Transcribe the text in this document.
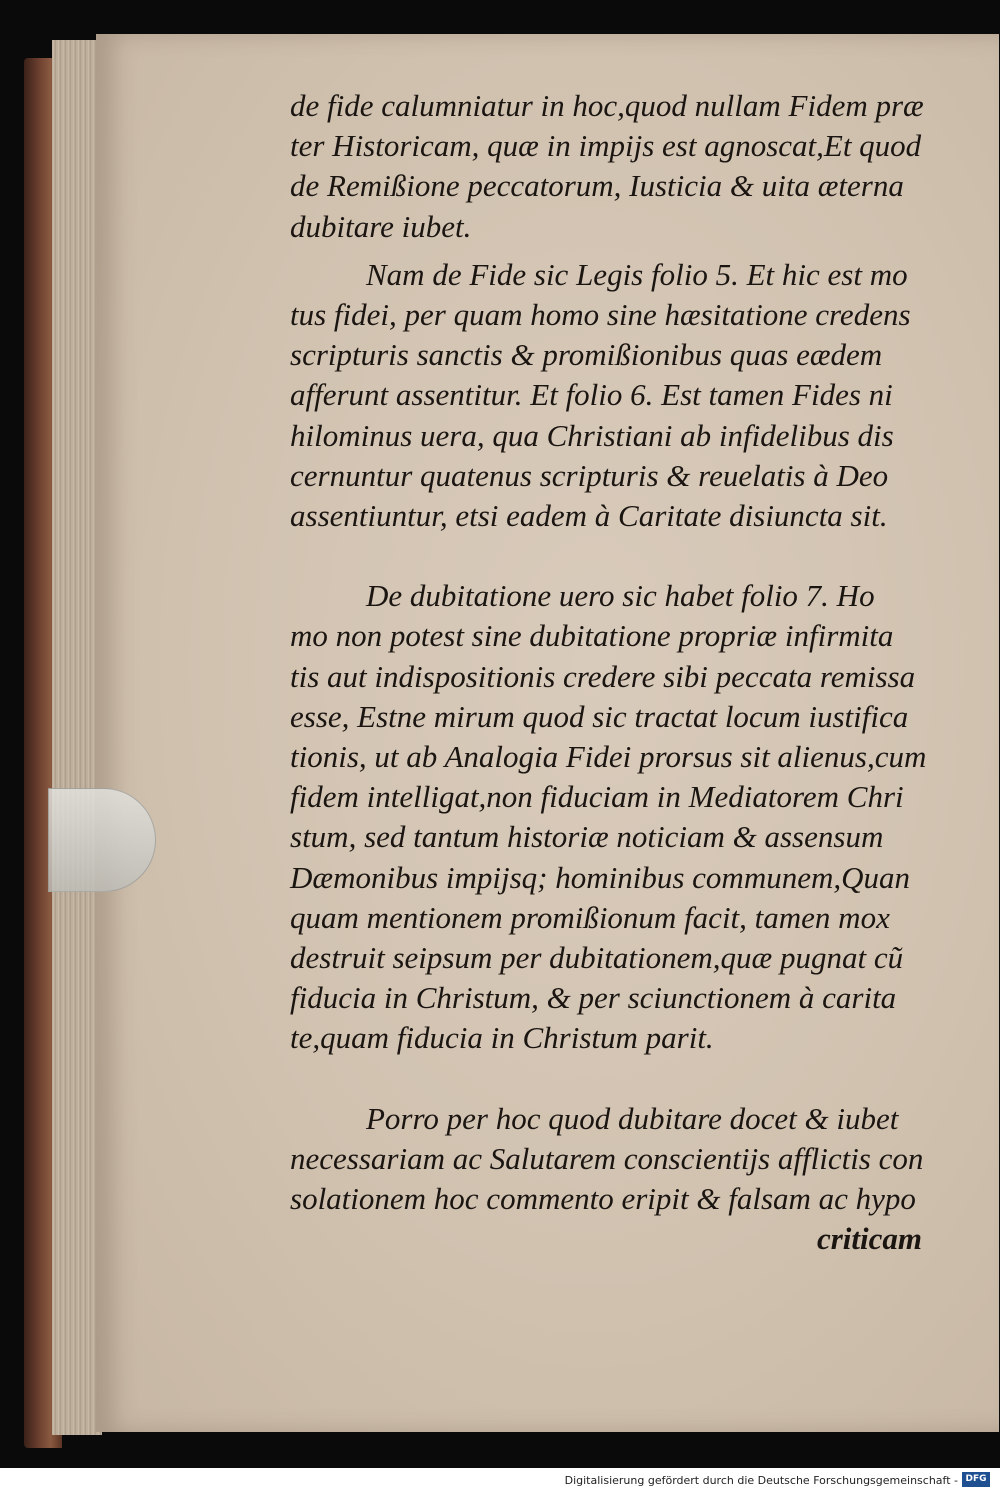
de fide calumniatur in hoc,quod nullam Fidem præ
ter Historicam, quæ in impijs est agnoscat,Et quod
de Remißione peccatorum, Iusticia & uita æterna
dubitare iubet.
Nam de Fide sic Legis folio 5. Et hic est mo
tus fidei, per quam homo sine hæsitatione credens
scripturis sanctis & promißionibus quas eædem
afferunt assentitur. Et folio 6. Est tamen Fides ni
hilominus uera, qua Christiani ab infidelibus dis
cernuntur quatenus scripturis & reuelatis à Deo
assentiuntur, etsi eadem à Caritate disiuncta sit.
De dubitatione uero sic habet folio 7. Ho
mo non potest sine dubitatione propriæ infirmita
tis aut indispositionis credere sibi peccata remissa
esse, Estne mirum quod sic tractat locum iustifica
tionis, ut ab Analogia Fidei prorsus sit alienus,cum
fidem intelligat,non fiduciam in Mediatorem Chri
stum, sed tantum historiæ noticiam & assensum
Dæmonibus impijsq; hominibus communem,Quan
quam mentionem promißionum facit, tamen mox
destruit seipsum per dubitationem,quæ pugnat cũ
fiducia in Christum, & per sciunctionem à carita
te,quam fiducia in Christum parit.
Porro per hoc quod dubitare docet & iubet
necessariam ac Salutarem conscientijs afflictis con
solationem hoc commento eripit & falsam ac hypo
criticam
Digitalisierung gefördert durch die Deutsche Forschungsgemeinschaft - DFG
